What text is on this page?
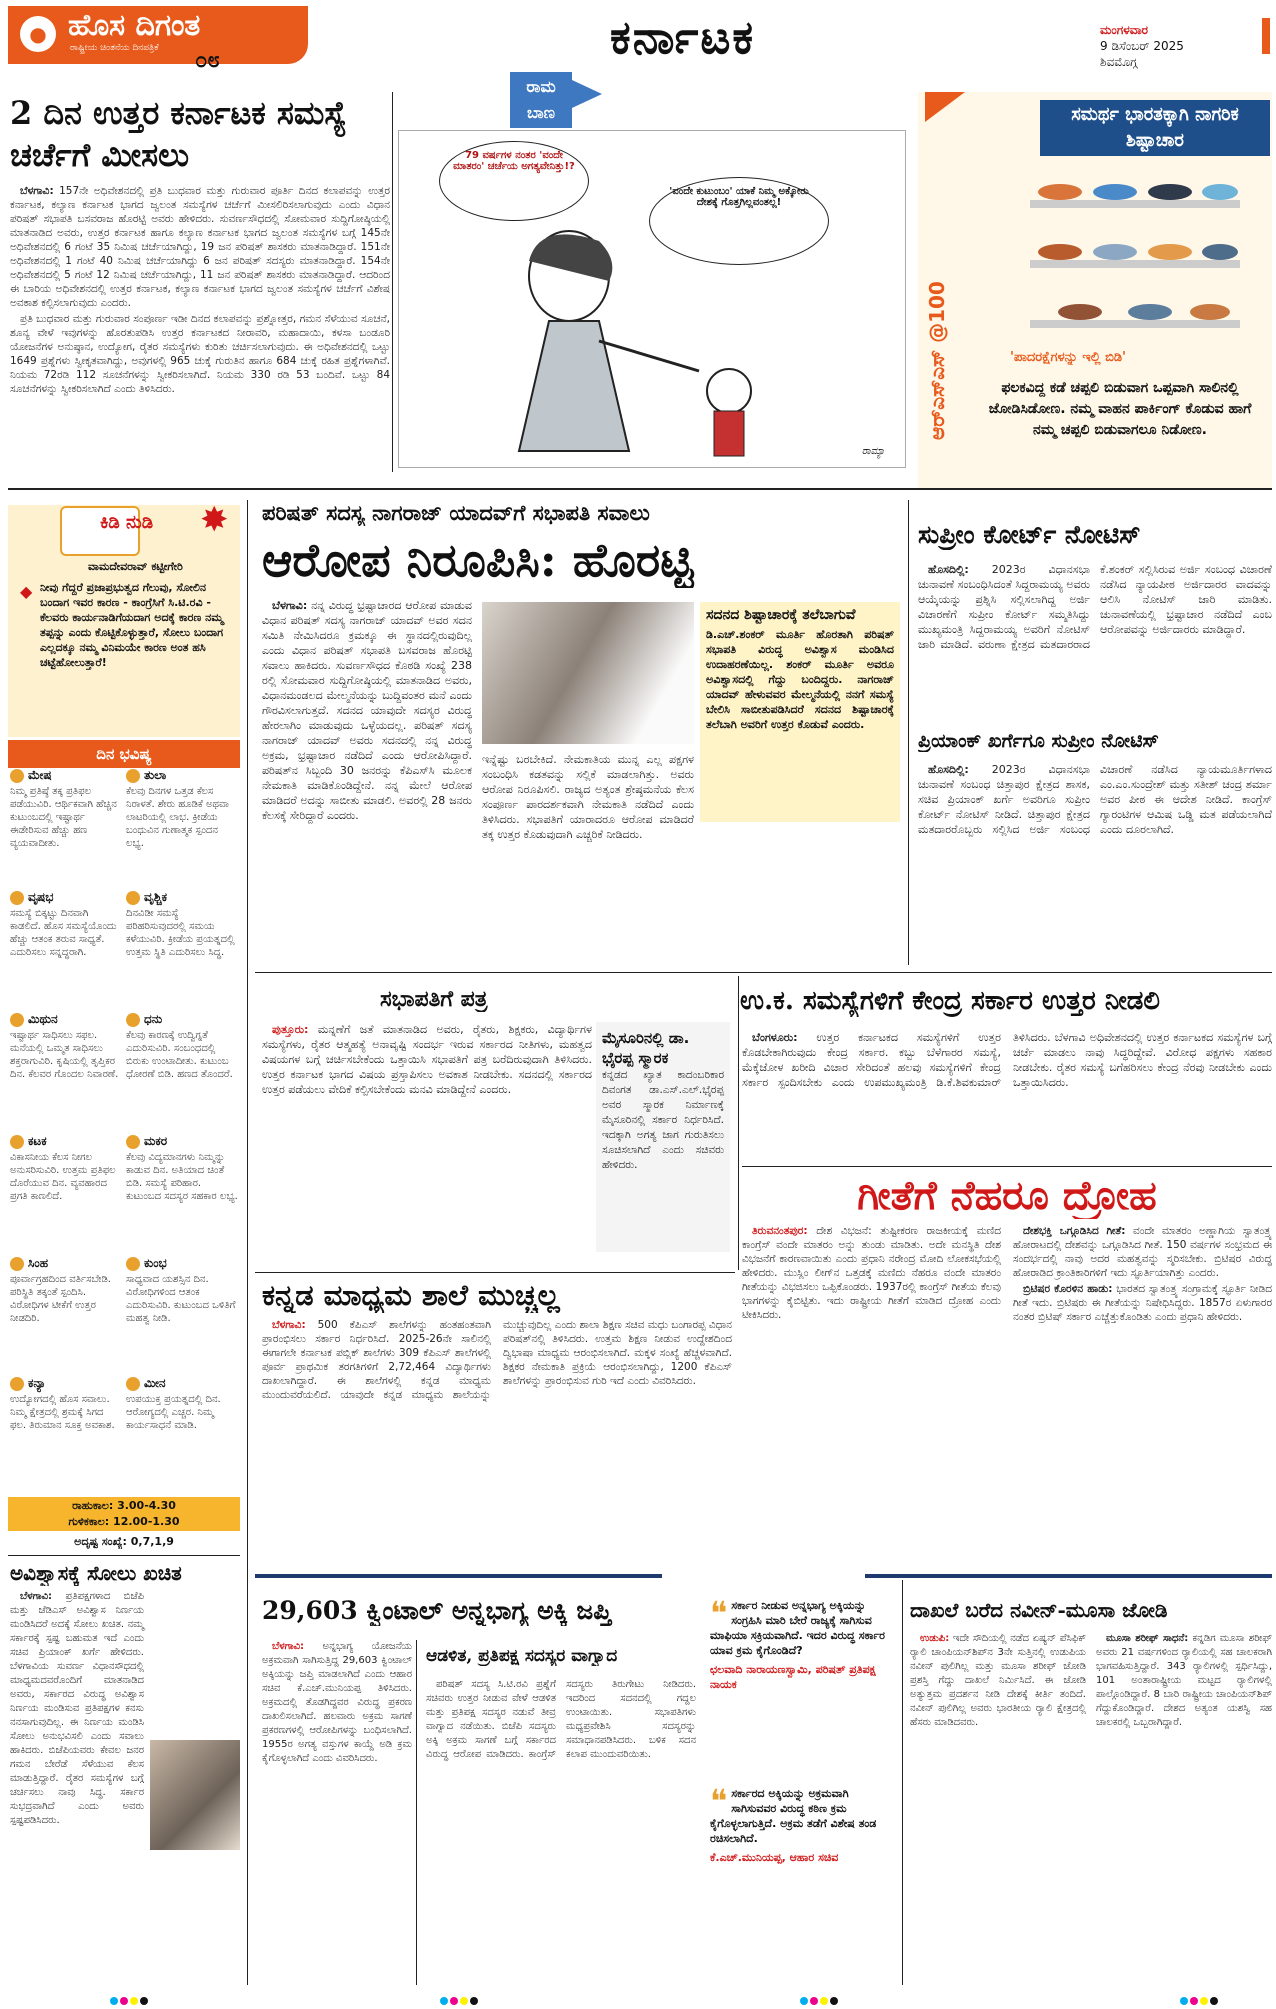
● ಹೊಸ ದಿಗಂತ
ರಾಷ್ಟ್ರೀಯ ಚಿಂತನೆಯ ದಿನಪತ್ರಿಕೆ ೦೮	ಕರ್ನಾಟಕ	ಮಂಗಳವಾರ
9 ಡಿಸೆಂಬರ್ 2025
ಶಿವಮೊಗ್ಗ
2 ದಿನ ಉತ್ತರ ಕರ್ನಾಟಕ ಸಮಸ್ಯೆ ಚರ್ಚೆಗೆ ಮೀಸಲು

ಬೆಳಗಾವಿ: 157ನೇ ಅಧಿವೇಶನದಲ್ಲಿ ಪ್ರತಿ ಬುಧವಾರ ಮತ್ತು ಗುರುವಾರ ಪೂರ್ತಿ ದಿನದ ಕಲಾಪವನ್ನು ಉತ್ತರ ಕರ್ನಾಟಕ, ಕಲ್ಯಾಣ ಕರ್ನಾಟಕ ಭಾಗದ ಜ್ವಲಂತ ಸಮಸ್ಯೆಗಳ ಚರ್ಚೆಗೆ ಮೀಸಲಿರಿಸಲಾಗುವುದು ಎಂದು ವಿಧಾನ ಪರಿಷತ್ ಸಭಾಪತಿ ಬಸವರಾಜ ಹೊರಟ್ಟಿ ಅವರು ಹೇಳಿದರು. ಸುವರ್ಣಸೌಧದಲ್ಲಿ ಸೋಮವಾರ ಸುದ್ದಿಗೋಷ್ಠಿಯಲ್ಲಿ ಮಾತನಾಡಿದ ಅವರು, ಉತ್ತರ ಕರ್ನಾಟಕ ಹಾಗೂ ಕಲ್ಯಾಣ ಕರ್ನಾಟಕ ಭಾಗದ ಜ್ವಲಂತ ಸಮಸ್ಯೆಗಳ ಬಗ್ಗೆ 145ನೇ ಅಧಿವೇಶನದಲ್ಲಿ 6 ಗಂಟೆ 35 ನಿಮಿಷ ಚರ್ಚೆಯಾಗಿದ್ದು, 19 ಜನ ಪರಿಷತ್ ಶಾಸಕರು ಮಾತನಾಡಿದ್ದಾರೆ. 151ನೇ ಅಧಿವೇಶನದಲ್ಲಿ 1 ಗಂಟೆ 40 ನಿಮಿಷ ಚರ್ಚೆಯಾಗಿದ್ದು 6 ಜನ ಪರಿಷತ್ ಸದಸ್ಯರು ಮಾತನಾಡಿದ್ದಾರೆ. 154ನೇ ಅಧಿವೇಶನದಲ್ಲಿ 5 ಗಂಟೆ 12 ನಿಮಿಷ ಚರ್ಚೆಯಾಗಿದ್ದು, 11 ಜನ ಪರಿಷತ್ ಶಾಸಕರು ಮಾತನಾಡಿದ್ದಾರೆ. ಆದರಿಂದ ಈ ಬಾರಿಯ ಅಧಿವೇಶನದಲ್ಲಿ ಉತ್ತರ ಕರ್ನಾಟಕ, ಕಲ್ಯಾಣ ಕರ್ನಾಟಕ ಭಾಗದ ಜ್ವಲಂತ ಸಮಸ್ಯೆಗಳ ಚರ್ಚೆಗೆ ವಿಶೇಷ ಅವಕಾಶ ಕಲ್ಪಿಸಲಾಗುವುದು ಎಂದರು.

ಪ್ರತಿ ಬುಧವಾರ ಮತ್ತು ಗುರುವಾರ ಸಂಪೂರ್ಣ ಇಡೀ ದಿನದ ಕಲಾಪವನ್ನು ಪ್ರಶ್ನೋತ್ತರ, ಗಮನ ಸೆಳೆಯುವ ಸೂಚನೆ, ಶೂನ್ಯ ವೇಳೆ ಇವುಗಳನ್ನು ಹೊರತುಪಡಿಸಿ ಉತ್ತರ ಕರ್ನಾಟಕದ ನೀರಾವರಿ, ಮಹಾದಾಯಿ, ಕಳಸಾ ಬಂಡೂರಿ ಯೋಜನೆಗಳ ಅನುಷ್ಠಾನ, ಉದ್ಯೋಗ, ರೈತರ ಸಮಸ್ಯೆಗಳು ಕುರಿತು ಚರ್ಚಿಸಲಾಗುವುದು. ಈ ಅಧಿವೇಶನದಲ್ಲಿ ಒಟ್ಟು 1649 ಪ್ರಶ್ನೆಗಳು ಸ್ವೀಕೃತವಾಗಿದ್ದು, ಅವುಗಳಲ್ಲಿ 965 ಚುಕ್ಕೆ ಗುರುತಿನ ಹಾಗೂ 684 ಚುಕ್ಕೆ ರಹಿತ ಪ್ರಶ್ನೆಗಳಾಗಿವೆ. ನಿಯಮ 72ರಡಿ 112 ಸೂಚನೆಗಳನ್ನು ಸ್ವೀಕರಿಸಲಾಗಿದೆ. ನಿಯಮ 330 ರಡಿ 53 ಬಂದಿವೆ. ಒಟ್ಟು 84 ಸೂಚನೆಗಳನ್ನು ಸ್ವೀಕರಿಸಲಾಗಿದೆ ಎಂದು ತಿಳಿಸಿದರು.

ರಾಮ ಬಾಣ
79 ವರ್ಷಗಳ ನಂತರ 'ವಂದೇ ಮಾತರಂ' ಚರ್ಚೆಯ ಅಗತ್ಯವೇನಿತ್ತು!?
'ವಂದೇ ಕುಟುಂಬಂ' ಯಾಕೆ ನಿಮ್ಮ ಅಕ್ಕೋರು ದೇಶಕ್ಕೆ ಗೊತ್ತಗಿಲ್ಲವಂತಲ್ಲ!
ರಾಮ್ಯಾ
ಸಮರ್ಥ ಭಾರತಕ್ಕಾಗಿ ನಾಗರಿಕ ಶಿಷ್ಟಾಚಾರ
ಆರ್‌ಎಸ್‌ಎಸ್ @100	'ಪಾದರಕ್ಷೆಗಳನ್ನು ಇಲ್ಲಿ ಬಿಡಿ'
ಫಲಕವಿದ್ದ ಕಡೆ ಚಪ್ಪಲಿ ಬಿಡುವಾಗ ಒಪ್ಪವಾಗಿ ಸಾಲಿನಲ್ಲಿ ಜೋಡಿಸಿಡೋಣ. ನಮ್ಮ ವಾಹನ ಪಾರ್ಕಿಂಗ್ ಕೊಡುವ ಹಾಗೆ ನಮ್ಮ ಚಪ್ಪಲಿ ಬಿಡುವಾಗಲೂ ನಿಡೋಣ.
ಕಿಡಿ ನುಡಿ ✸
ವಾಮದೇವರಾವ್ ಕಟ್ಟೀಗೇರಿ
◆ ನೀವು ಗೆದ್ದರೆ ಪ್ರಜಾಪ್ರಭುತ್ವದ ಗೆಲುವು, ಸೋಲಿನ ಬಂದಾಗ ಇವರ ಕಾರಣ - ಕಾಂಗ್ರೆಸಿಗೆ ಸಿ.ಟಿ.ರವಿ - ಕೆಲವರು ಕಾರ್ಯನಾಡಿಗೆಯದಾಗ ಅದಕ್ಕೆ ಕಾರಣ ನಮ್ಮ ತಪ್ಪನ್ನು ಎಂದು ಕೊಟ್ಟಿಕೊಳ್ಳುತ್ತಾರೆ, ಸೋಲು ಬಂದಾಗ ಎಲ್ಲದಕ್ಕೂ ನಮ್ಮ ವಿನಿಮಯೇ ಕಾರಣ ಅಂತ ಹಸಿ ಚಟ್ಟೆಹೋಲುತ್ತಾರೆ!
ದಿನ ಭವಿಷ್ಯ
ಮೇಷ
ನಿಮ್ಮ ಪ್ರತಿಷ್ಠೆ ತಕ್ಕ ಪ್ರತಿಫಲ ಪಡೆಯುವಿರಿ. ಆರ್ಥಿಕವಾಗಿ ಹೆಚ್ಚಿನ ಕುಟುಂಬದಲ್ಲಿ ಇಷ್ಟಾರ್ಥ ಈಡೇರಿಸುವ ಹೆಚ್ಚು ಹಣ ವ್ಯಯವಾದೀತು.
ತುಲಾ
ಕೆಲವು ದಿನಗಳ ಒತ್ತಡ ಕೆಲಸ ನಿರಾಳತೆ. ಶೇರು ಹೂಡಿಕೆ ಅಥವಾ ಲಾಟರಿಯಲ್ಲಿ ಲಾಭ. ಕ್ರೀಡೆಯ ಬಂಧುವಿನ ಗುಣಾತ್ಮಕ ಸ್ಪಂದನ ಲಭ್ಯ.
ವೃಷಭ
ಸಮಸ್ಯೆ ಬಿಕ್ಕಟ್ಟು ದಿನವಾಗಿ ಕಾಡಲಿದೆ. ಹೊಸ ಸಮಸ್ಯೆಯೊಂದು ಹೆಚ್ಚು ಆತಂಕ ತರುವ ಸಾಧ್ಯತೆ. ಎದುರಿಸಲು ಸನ್ನದ್ಧರಾಗಿ.
ವೃಶ್ಚಿಕ
ದಿನವಿಡೀ ಸಮಸ್ಯೆ ಪರಿಹರಿಸುವುದರಲ್ಲಿ ಸಮಯ ಕಳೆಯುವಿರಿ. ಕ್ರೀಡೆಯ ಪ್ರಯತ್ನದಲ್ಲಿ ಉತ್ತಮ ಸ್ಥಿತಿ ಎದುರಿಸಲು ಸಿದ್ಧ.
ಮಿಥುನ
ಇಷ್ಟಾರ್ಥ ಸಾಧಿಸಲು ಸಫಲ. ಮನೆಯಲ್ಲಿ ಒಮ್ಮತ ಸಾಧಿಸಲು ಶಕ್ತರಾಗುವಿರಿ. ಕೃಷಿಯಲ್ಲಿ ತೃಪ್ತಿಕರ ದಿನ. ಕೆಲವರ ಗೊಂದಲ ನಿವಾರಣೆ.
ಧನು
ಕೆಲವು ಕಾರಣಕ್ಕೆ ಉದ್ವಿಗ್ನತೆ ಎದುರಿಸುವಿರಿ. ಸಂಬಂಧದಲ್ಲಿ ಬಿರುಕು ಉಂಟಾದೀತು. ಕುಟುಂಬ ಧೋರಣೆ ಬಿಡಿ. ಹಣದ ತೊಂದರೆ.
ಕಟಕ
ವಿಕಾಸನೀಯ ಕೆಲಸ ನೀಗಲ ಅನುಸರಿಸುವಿರಿ. ಉತ್ತಮ ಪ್ರತಿಫಲ ದೊರೆಯುವ ದಿನ. ವ್ಯವಹಾರದ ಪ್ರಗತಿ ಕಾಣಲಿದೆ.
ಮಕರ
ಕೆಲವು ವಿದ್ಯಮಾನಗಳು ನಿಮ್ಮನ್ನು ಕಾಡುವ ದಿನ. ಅತಿಯಾದ ಚಿಂತೆ ಬಿಡಿ. ಸಮಸ್ಯೆ ಪರಿಹಾರ. ಕುಟುಂಬದ ಸದಸ್ಯರ ಸಹಕಾರ ಲಭ್ಯ.
ಸಿಂಹ
ಪೂರ್ವಾಗ್ರಹದಿಂದ ವರ್ತಿಸಬೇಡಿ. ಪರಿಸ್ಥಿತಿ ತಕ್ಕಂತೆ ಸ್ಪಂದಿಸಿ. ವಿರೋಧಿಗಳ ಟೀಕೆಗೆ ಉತ್ತರ ನೀಡದಿರಿ.
ಕುಂಭ
ಸಾಧ್ಯವಾದ ಯಶಸ್ಸಿನ ದಿನ. ವಿರೋಧಿಗಳಿಂದ ಆತಂಕ ಎದುರಿಸುವಿರಿ. ಕುಟುಂಬದ ಒಳಿತಿಗೆ ಮಹತ್ವ ನೀಡಿ.
ಕನ್ಯಾ
ಉದ್ಯೋಗದಲ್ಲಿ ಹೊಸ ಸವಾಲು. ನಿಮ್ಮ ಕ್ಷೇತ್ರದಲ್ಲಿ ಶ್ರಮಕ್ಕೆ ಸಿಗದ ಫಲ. ತಿರುಮಾನ ಸೂಕ್ತ ಅವಕಾಶ.
ಮೀನ
ಉಪಯುಕ್ತ ಪ್ರಯತ್ನದಲ್ಲಿ ದಿನ. ಆರೋಗ್ಯದಲ್ಲಿ ಎಚ್ಚರ. ನಿಮ್ಮ ಕಾರ್ಯಸಾಧನೆ ಮಾಡಿ.
ರಾಹುಕಾಲ: 3.00-4.30
ಗುಳಿಕಕಾಲ: 12.00-1.30
ಅದೃಷ್ಟ ಸಂಖ್ಯೆ: 0,7,1,9
ಅವಿಶ್ವಾಸಕ್ಕೆ ಸೋಲು ಖಚಿತ

ಬೆಳಗಾವಿ: ಪ್ರತಿಪಕ್ಷಗಳಾದ ಬಿಜೆಪಿ ಮತ್ತು ಜೆಡಿಎಸ್ ಅವಿಶ್ವಾಸ ನಿರ್ಣಯ ಮಂಡಿಸಿದರೆ ಅದಕ್ಕೆ ಸೋಲು ಖಚಿತ. ನಮ್ಮ ಸರ್ಕಾರಕ್ಕೆ ಸ್ಪಷ್ಟ ಬಹುಮತ ಇದೆ ಎಂದು ಸಚಿವ ಪ್ರಿಯಾಂಕ್ ಖರ್ಗೆ ಹೇಳಿದರು. ಬೆಳಗಾವಿಯ ಸುವರ್ಣ ವಿಧಾನಸೌಧದಲ್ಲಿ ಮಾಧ್ಯಮದವರೊಂದಿಗೆ ಮಾತನಾಡಿದ ಅವರು, ಸರ್ಕಾರದ ವಿರುದ್ಧ ಅವಿಶ್ವಾಸ ನಿರ್ಣಯ ಮಂಡಿಸುವ ಪ್ರತಿಪಕ್ಷಗಳ ಕನಸು ನನಸಾಗುವುದಿಲ್ಲ. ಈ ನಿರ್ಣಯ ಮಂಡಿಸಿ ಸೋಲು ಅನುಭವಿಸಲಿ ಎಂದು ಸವಾಲು ಹಾಕಿದರು. ಬಿಜೆಪಿಯವರು ಕೇವಲ ಜನರ ಗಮನ ಬೇರೆಡೆ ಸೆಳೆಯುವ ಕೆಲಸ ಮಾಡುತ್ತಿದ್ದಾರೆ. ರೈತರ ಸಮಸ್ಯೆಗಳ ಬಗ್ಗೆ ಚರ್ಚಿಸಲು ನಾವು ಸಿದ್ಧ. ಸರ್ಕಾರ ಸುಭದ್ರವಾಗಿದೆ ಎಂದು ಅವರು ಸ್ಪಷ್ಟಪಡಿಸಿದರು.

ಪರಿಷತ್ ಸದಸ್ಯ ನಾಗರಾಜ್ ಯಾದವ್‌ಗೆ ಸಭಾಪತಿ ಸವಾಲು
ಆರೋಪ ನಿರೂಪಿಸಿ: ಹೊರಟ್ಟಿ

ಬೆಳಗಾವಿ: ನನ್ನ ವಿರುದ್ಧ ಭ್ರಷ್ಟಾಚಾರದ ಆರೋಪ ಮಾಡುವ ವಿಧಾನ ಪರಿಷತ್ ಸದಸ್ಯ ನಾಗರಾಜ್ ಯಾದವ್ ಅವರ ಸದನ ಸಮಿತಿ ನೇಮಿಸಿದರೂ ಕ್ರಮಕ್ಕೂ ಈ ಸ್ಥಾನದಲ್ಲಿರುವುದಿಲ್ಲ ಎಂದು ವಿಧಾನ ಪರಿಷತ್ ಸಭಾಪತಿ ಬಸವರಾಜ ಹೊರಟ್ಟಿ ಸವಾಲು ಹಾಕಿದರು. ಸುವರ್ಣಸೌಧದ ಕೊಠಡಿ ಸಂಖ್ಯೆ 238 ರಲ್ಲಿ ಸೋಮವಾರ ಸುದ್ದಿಗೋಷ್ಠಿಯಲ್ಲಿ ಮಾತನಾಡಿದ ಅವರು, ವಿಧಾನಮಂಡಲದ ಮೇಲ್ಮನೆಯನ್ನು ಬುದ್ದಿವಂತರ ಮನೆ ಎಂದು ಗೌರವಿಸಲಾಗುತ್ತದೆ. ಸದನದ ಯಾವುದೇ ಸದಸ್ಯರ ವಿರುದ್ಧ ಹೇರಲಾಗಿಂ ಮಾಡುವುದು ಒಳ್ಳೆಯದಲ್ಲ. ಪರಿಷತ್ ಸದಸ್ಯ ನಾಗರಾಜ್ ಯಾದವ್ ಅವರು ಸದನದಲ್ಲಿ ನನ್ನ ವಿರುದ್ಧ ಅಕ್ರಮ, ಭ್ರಷ್ಟಾಚಾರ ನಡೆದಿದೆ ಎಂದು ಆರೋಪಿಸಿದ್ದಾರೆ. ಪರಿಷತ್‌ನ ಸಿಬ್ಬಂದಿ 30 ಜನರನ್ನು ಕೆಪಿಎಸ್‌ಸಿ ಮೂಲಕ ನೇಮಕಾತಿ ಮಾಡಿಕೊಂಡಿದ್ದೇನೆ. ನನ್ನ ಮೇಲೆ ಆರೋಪ ಮಾಡಿದರೆ ಅದನ್ನು ಸಾಬೀತು ಮಾಡಲಿ. ಅವರಲ್ಲಿ 28 ಜನರು ಕೆಲಸಕ್ಕೆ ಸೇರಿದ್ದಾರೆ ಎಂದರು.

ಇನ್ನೆಷ್ಟು ಬರಬೇಕಿದೆ. ನೇಮಕಾತಿಯ ಮುನ್ನ ಎಲ್ಲ ಪಕ್ಷಗಳ ಸಂಬಂಧಿಸಿ ಕಡತವನ್ನು ಸಲ್ಲಿಕೆ ಮಾಡಲಾಗಿತ್ತು. ಅವರು ಆರೋಪ ನಿರೂಪಿಸಲಿ. ರಾಜ್ಯದ ಅತ್ಯಂತ ಶ್ರೇಷ್ಠಮನೆಯ ಕೆಲಸ ಸಂಪೂರ್ಣ ಪಾರದರ್ಶಕವಾಗಿ ನೇಮಕಾತಿ ನಡೆದಿದೆ ಎಂದು ತಿಳಿಸಿದರು. ಸಭಾಪತಿಗೆ ಯಾರಾದರೂ ಆರೋಪ ಮಾಡಿದರೆ ತಕ್ಕ ಉತ್ತರ ಕೊಡುವುದಾಗಿ ಎಚ್ಚರಿಕೆ ನೀಡಿದರು.
ಸದನದ ಶಿಷ್ಟಾಚಾರಕ್ಕೆ ತಲೆಬಾಗುವೆ
ಡಿ.ಎಚ್.ಶಂಕರ್ ಮೂರ್ತಿ ಹೊರತಾಗಿ ಪರಿಷತ್ ಸಭಾಪತಿ ವಿರುದ್ಧ ಅವಿಶ್ವಾಸ ಮಂಡಿಸಿದ ಉದಾಹರಣೆಯಿಲ್ಲ. ಶಂಕರ್ ಮೂರ್ತಿ ಅವರೂ ಅವಿಶ್ವಾಸದಲ್ಲಿ ಗೆದ್ದು ಬಂದಿದ್ದರು. ನಾಗರಾಜ್ ಯಾದವ್ ಹೇಳುವವರ ಮೇಲ್ಮನೆಯಲ್ಲಿ ನನಗೆ ಸಮಸ್ಯೆ ಬೇಲಿಸಿ ಸಾಬೀತುಪಡಿಸಿದರೆ ಸದನದ ಶಿಷ್ಟಾಚಾರಕ್ಕೆ ತಲೆಬಾಗಿ ಅವರಿಗೆ ಉತ್ತರ ಕೊಡುವೆ ಎಂದರು.
ಸುಪ್ರೀಂ ಕೋರ್ಟ್ ನೋಟಿಸ್

ಹೊಸದಿಲ್ಲಿ: 2023ರ ವಿಧಾನಸಭಾ ಚುನಾವಣೆ ಸಂಬಂಧಿಸಿದಂತೆ ಸಿದ್ದರಾಮಯ್ಯ ಅವರು ಆಯ್ಕೆಯನ್ನು ಪ್ರಶ್ನಿಸಿ ಸಲ್ಲಿಸಲಾಗಿದ್ದ ಅರ್ಜಿ ವಿಚಾರಣೆಗೆ ಸುಪ್ರೀಂ ಕೋರ್ಟ್ ಸಮ್ಮತಿಸಿದ್ದು ಮುಖ್ಯಮಂತ್ರಿ ಸಿದ್ದರಾಮಯ್ಯ ಅವರಿಗೆ ನೋಟಿಸ್ ಜಾರಿ ಮಾಡಿದೆ. ವರುಣಾ ಕ್ಷೇತ್ರದ ಮತದಾರರಾದ ಕೆ.ಶಂಕರ್ ಸಲ್ಲಿಸಿರುವ ಅರ್ಜಿ ಸಂಬಂಧ ವಿಚಾರಣೆ ನಡೆಸಿದ ನ್ಯಾಯಪೀಠ ಅರ್ಜಿದಾರರ ವಾದವನ್ನು ಆಲಿಸಿ ನೋಟಿಸ್ ಜಾರಿ ಮಾಡಿತು. ಚುನಾವಣೆಯಲ್ಲಿ ಭ್ರಷ್ಟಾಚಾರ ನಡೆದಿದೆ ಎಂಬ ಆರೋಪವನ್ನು ಅರ್ಜಿದಾರರು ಮಾಡಿದ್ದಾರೆ.

ಪ್ರಿಯಾಂಕ್ ಖರ್ಗೆಗೂ ಸುಪ್ರೀಂ ನೋಟಿಸ್

ಹೊಸದಿಲ್ಲಿ: 2023ರ ವಿಧಾನಸಭಾ ಚುನಾವಣೆ ಸಂಬಂಧ ಚಿತ್ತಾಪುರ ಕ್ಷೇತ್ರದ ಶಾಸಕ, ಸಚಿವ ಪ್ರಿಯಾಂಕ್ ಖರ್ಗೆ ಅವರಿಗೂ ಸುಪ್ರೀಂ ಕೋರ್ಟ್ ನೋಟಿಸ್ ನೀಡಿದೆ. ಚಿತ್ತಾಪುರ ಕ್ಷೇತ್ರದ ಮತದಾರರೊಬ್ಬರು ಸಲ್ಲಿಸಿದ ಅರ್ಜಿ ಸಂಬಂಧ ವಿಚಾರಣೆ ನಡೆಸಿದ ನ್ಯಾಯಮೂರ್ತಿಗಳಾದ ಎಂ.ಎಂ.ಸುಂದ್ರೇಶ್ ಮತ್ತು ಸತೀಶ್ ಚಂದ್ರ ಶರ್ಮಾ ಅವರ ಪೀಠ ಈ ಆದೇಶ ನೀಡಿದೆ. ಕಾಂಗ್ರೆಸ್ ಗ್ಯಾರಂಟಿಗಳ ಆಮಿಷ ಒಡ್ಡಿ ಮತ ಪಡೆಯಲಾಗಿದೆ ಎಂದು ದೂರಲಾಗಿದೆ.

ಸಭಾಪತಿಗೆ ಪತ್ರ

ಪುತ್ತೂರು: ಮನ್ನಣೆಗೆ ಜತೆ ಮಾತನಾಡಿದ ಅವರು, ರೈತರು, ಶಿಕ್ಷಕರು, ವಿದ್ಯಾರ್ಥಿಗಳ ಸಮಸ್ಯೆಗಳು, ರೈತರ ಆತ್ಮಹತ್ಯೆ ಅನಾವೃಷ್ಟಿ ಸಂದರ್ಭ ಇರುವ ಸರ್ಕಾರದ ನೀತಿಗಳು, ಮಹತ್ವದ ವಿಷಯಗಳ ಬಗ್ಗೆ ಚರ್ಚಿಸಬೇಕೆಂದು ಒತ್ತಾಯಿಸಿ ಸಭಾಪತಿಗೆ ಪತ್ರ ಬರೆದಿರುವುದಾಗಿ ತಿಳಿಸಿದರು. ಉತ್ತರ ಕರ್ನಾಟಕ ಭಾಗದ ವಿಷಯ ಪ್ರಸ್ತಾಪಿಸಲು ಅವಕಾಶ ನೀಡಬೇಕು. ಸದನದಲ್ಲಿ ಸರ್ಕಾರದ ಉತ್ತರ ಪಡೆಯಲು ವೇದಿಕೆ ಕಲ್ಪಿಸಬೇಕೆಂದು ಮನವಿ ಮಾಡಿದ್ದೇನೆ ಎಂದರು.

ಮೈಸೂರಿನಲ್ಲಿ ಡಾ. ಭೈರಪ್ಪ ಸ್ಮಾರಕ
ಕನ್ನಡದ ಖ್ಯಾತ ಕಾದಂಬರಿಕಾರ ದಿವಂಗತ ಡಾ.ಎಸ್.ಎಲ್.ಭೈರಪ್ಪ ಅವರ ಸ್ಮಾರಕ ನಿರ್ಮಾಣಕ್ಕೆ ಮೈಸೂರಿನಲ್ಲಿ ಸರ್ಕಾರ ನಿರ್ಧರಿಸಿದೆ. ಇದಕ್ಕಾಗಿ ಅಗತ್ಯ ಜಾಗ ಗುರುತಿಸಲು ಸೂಚಿಸಲಾಗಿದೆ ಎಂದು ಸಚಿವರು ಹೇಳಿದರು.
ಉ.ಕ. ಸಮಸ್ಯೆಗಳಿಗೆ ಕೇಂದ್ರ ಸರ್ಕಾರ ಉತ್ತರ ನೀಡಲಿ

ಬೆಂಗಳೂರು: ಉತ್ತರ ಕರ್ನಾಟಕದ ಸಮಸ್ಯೆಗಳಿಗೆ ಉತ್ತರ ಕೊಡಬೇಕಾಗಿರುವುದು ಕೇಂದ್ರ ಸರ್ಕಾರ. ಕಬ್ಬು ಬೆಳೆಗಾರರ ಸಮಸ್ಯೆ, ಮೆಕ್ಕೆಜೋಳ ಖರೀದಿ ವಿಚಾರ ಸೇರಿದಂತೆ ಹಲವು ಸಮಸ್ಯೆಗಳಿಗೆ ಕೇಂದ್ರ ಸರ್ಕಾರ ಸ್ಪಂದಿಸಬೇಕು ಎಂದು ಉಪಮುಖ್ಯಮಂತ್ರಿ ಡಿ.ಕೆ.ಶಿವಕುಮಾರ್ ತಿಳಿಸಿದರು. ಬೆಳಗಾವಿ ಅಧಿವೇಶನದಲ್ಲಿ ಉತ್ತರ ಕರ್ನಾಟಕದ ಸಮಸ್ಯೆಗಳ ಬಗ್ಗೆ ಚರ್ಚೆ ಮಾಡಲು ನಾವು ಸಿದ್ಧರಿದ್ದೇವೆ. ವಿರೋಧ ಪಕ್ಷಗಳು ಸಹಕಾರ ನೀಡಬೇಕು. ರೈತರ ಸಮಸ್ಯೆ ಬಗೆಹರಿಸಲು ಕೇಂದ್ರ ನೆರವು ನೀಡಬೇಕು ಎಂದು ಒತ್ತಾಯಿಸಿದರು.

ಗೀತೆಗೆ ನೆಹರೂ ದ್ರೋಹ

ತಿರುವನಂತಪುರ: ದೇಶ ವಿಭಜನೆ: ತುಷ್ಟೀಕರಣ ರಾಜಕೀಯಕ್ಕೆ ಮಣಿದ ಕಾಂಗ್ರೆಸ್ ವಂದೇ ಮಾತರಂ ಅನ್ನು ತುಂಡು ಮಾಡಿತು. ಅದೇ ಮನಸ್ಥಿತಿ ದೇಶ ವಿಭಜನೆಗೆ ಕಾರಣವಾಯಿತು ಎಂದು ಪ್ರಧಾನಿ ನರೇಂದ್ರ ಮೋದಿ ಲೋಕಸಭೆಯಲ್ಲಿ ಹೇಳಿದರು. ಮುಸ್ಲಿಂ ಲೀಗ್‌ನ ಒತ್ತಡಕ್ಕೆ ಮಣಿದು ನೆಹರೂ ವಂದೇ ಮಾತರಂ ಗೀತೆಯನ್ನು ವಿಭಜಿಸಲು ಒಪ್ಪಿಕೊಂಡರು. 1937ರಲ್ಲಿ ಕಾಂಗ್ರೆಸ್ ಗೀತೆಯ ಕೆಲವು ಭಾಗಗಳನ್ನು ಕೈಬಿಟ್ಟಿತು. ಇದು ರಾಷ್ಟ್ರೀಯ ಗೀತೆಗೆ ಮಾಡಿದ ದ್ರೋಹ ಎಂದು ಟೀಕಿಸಿದರು.

ದೇಶಭಕ್ತಿ ಒಗ್ಗೂಡಿಸಿದ ಗೀತೆ: ವಂದೇ ಮಾತರಂ ಅಣ್ಣಾಗಿಯ ಸ್ವಾತಂತ್ರ್ಯ ಹೋರಾಟದಲ್ಲಿ ದೇಶವನ್ನು ಒಗ್ಗೂಡಿಸಿದ ಗೀತೆ. 150 ವರ್ಷಗಳ ಸಂಭ್ರಮದ ಈ ಸಂದರ್ಭದಲ್ಲಿ ನಾವು ಅದರ ಮಹತ್ವವನ್ನು ಸ್ಮರಿಸಬೇಕು. ಬ್ರಿಟಿಷರ ವಿರುದ್ಧ ಹೋರಾಡಿದ ಕ್ರಾಂತಿಕಾರಿಗಳಿಗೆ ಇದು ಸ್ಫೂರ್ತಿಯಾಗಿತ್ತು ಎಂದರು.

ಬ್ರಿಟಿಷರ ಕೊರಳಿನ ಹಾಡು: ಭಾರತದ ಸ್ವಾತಂತ್ರ್ಯ ಸಂಗ್ರಾಮಕ್ಕೆ ಸ್ಫೂರ್ತಿ ನೀಡಿದ ಗೀತೆ ಇದು. ಬ್ರಿಟಿಷರು ಈ ಗೀತೆಯನ್ನು ನಿಷೇಧಿಸಿದ್ದರು. 1857ರ ಏಳುಗಾರರ ನಂತರ ಬ್ರಿಟಿಷ್ ಸರ್ಕಾರ ಎಚ್ಚೆತ್ತುಕೊಂಡಿತು ಎಂದು ಪ್ರಧಾನಿ ಹೇಳಿದರು.

ಕನ್ನಡ ಮಾಧ್ಯಮ ಶಾಲೆ ಮುಚ್ಚಲ್ಲ

ಬೆಳಗಾವಿ: 500 ಕೆಪಿಎಸ್ ಶಾಲೆಗಳನ್ನು ಹಂತಹಂತವಾಗಿ ಪ್ರಾರಂಭಿಸಲು ಸರ್ಕಾರ ನಿರ್ಧರಿಸಿದೆ. 2025-26ನೇ ಸಾಲಿನಲ್ಲಿ ಈಗಾಗಲೇ ಕರ್ನಾಟಕ ಪಬ್ಲಿಕ್ ಶಾಲೆಗಳು 309 ಕೆಪಿಎಸ್ ಶಾಲೆಗಳಲ್ಲಿ ಪೂರ್ವ ಪ್ರಾಥಮಿಕ ತರಗತಿಗಳಿಗೆ 2,72,464 ವಿದ್ಯಾರ್ಥಿಗಳು ದಾಖಲಾಗಿದ್ದಾರೆ. ಈ ಶಾಲೆಗಳಲ್ಲಿ ಕನ್ನಡ ಮಾಧ್ಯಮ ಮುಂದುವರೆಯಲಿದೆ. ಯಾವುದೇ ಕನ್ನಡ ಮಾಧ್ಯಮ ಶಾಲೆಯನ್ನು ಮುಚ್ಚುವುದಿಲ್ಲ ಎಂದು ಶಾಲಾ ಶಿಕ್ಷಣ ಸಚಿವ ಮಧು ಬಂಗಾರಪ್ಪ ವಿಧಾನ ಪರಿಷತ್‌ನಲ್ಲಿ ತಿಳಿಸಿದರು. ಉತ್ತಮ ಶಿಕ್ಷಣ ನೀಡುವ ಉದ್ದೇಶದಿಂದ ದ್ವಿಭಾಷಾ ಮಾಧ್ಯಮ ಆರಂಭಿಸಲಾಗಿದೆ. ಮಕ್ಕಳ ಸಂಖ್ಯೆ ಹೆಚ್ಚಳವಾಗಿದೆ. ಶಿಕ್ಷಕರ ನೇಮಕಾತಿ ಪ್ರಕ್ರಿಯೆ ಆರಂಭಿಸಲಾಗಿದ್ದು, 1200 ಕೆಪಿಎಸ್ ಶಾಲೆಗಳನ್ನು ಪ್ರಾರಂಭಿಸುವ ಗುರಿ ಇದೆ ಎಂದು ವಿವರಿಸಿದರು.

29,603 ಕ್ವಿಂಟಾಲ್ ಅನ್ನಭಾಗ್ಯ ಅಕ್ಕಿ ಜಪ್ತಿ

ಬೆಳಗಾವಿ: ಅನ್ನಭಾಗ್ಯ ಯೋಜನೆಯ ಅಕ್ರಮವಾಗಿ ಸಾಗಿಸುತ್ತಿದ್ದ 29,603 ಕ್ವಿಂಟಾಲ್ ಅಕ್ಕಿಯನ್ನು ಜಪ್ತಿ ಮಾಡಲಾಗಿದೆ ಎಂದು ಆಹಾರ ಸಚಿವ ಕೆ.ಎಚ್.ಮುನಿಯಪ್ಪ ತಿಳಿಸಿದರು. ಅಕ್ರಮದಲ್ಲಿ ತೊಡಗಿದ್ದವರ ವಿರುದ್ಧ ಪ್ರಕರಣ ದಾಖಲಿಸಲಾಗಿದೆ. ಹಲವಾರು ಅಕ್ರಮ ಸಾಗಣೆ ಪ್ರಕರಣಗಳಲ್ಲಿ ಆರೋಪಿಗಳನ್ನು ಬಂಧಿಸಲಾಗಿದೆ. 1955ರ ಅಗತ್ಯ ವಸ್ತುಗಳ ಕಾಯ್ದೆ ಅಡಿ ಕ್ರಮ ಕೈಗೊಳ್ಳಲಾಗಿದೆ ಎಂದು ವಿವರಿಸಿದರು.

ಆಡಳಿತ, ಪ್ರತಿಪಕ್ಷ ಸದಸ್ಯರ ವಾಗ್ವಾದ

ಪರಿಷತ್ ಸದಸ್ಯ ಸಿ.ಟಿ.ರವಿ ಪ್ರಶ್ನೆಗೆ ಸಚಿವರು ಉತ್ತರ ನೀಡುವ ವೇಳೆ ಆಡಳಿತ ಮತ್ತು ಪ್ರತಿಪಕ್ಷ ಸದಸ್ಯರ ನಡುವೆ ತೀವ್ರ ವಾಗ್ವಾದ ನಡೆಯಿತು. ಬಿಜೆಪಿ ಸದಸ್ಯರು ಅಕ್ಕಿ ಅಕ್ರಮ ಸಾಗಣೆ ಬಗ್ಗೆ ಸರ್ಕಾರದ ವಿರುದ್ಧ ಆರೋಪ ಮಾಡಿದರು. ಕಾಂಗ್ರೆಸ್ ಸದಸ್ಯರು ತಿರುಗೇಟು ನೀಡಿದರು. ಇದರಿಂದ ಸದನದಲ್ಲಿ ಗದ್ದಲ ಉಂಟಾಯಿತು. ಸಭಾಪತಿಗಳು ಮಧ್ಯಪ್ರವೇಶಿಸಿ ಸದಸ್ಯರನ್ನು ಸಮಾಧಾನಪಡಿಸಿದರು. ಬಳಿಕ ಸದನ ಕಲಾಪ ಮುಂದುವರಿಯಿತು.

❝ ಸರ್ಕಾರ ನೀಡುವ ಅನ್ನಭಾಗ್ಯ ಅಕ್ಕಿಯನ್ನು ಸಂಗ್ರಹಿಸಿ ಮಾರಿ ಬೇರೆ ರಾಜ್ಯಕ್ಕೆ ಸಾಗಿಸುವ ಮಾಫಿಯಾ ಸಕ್ರಿಯವಾಗಿದೆ. ಇದರ ವಿರುದ್ಧ ಸರ್ಕಾರ ಯಾವ ಕ್ರಮ ಕೈಗೊಂಡಿದೆ?
ಛಲವಾದಿ ನಾರಾಯಣಸ್ವಾಮಿ, ಪರಿಷತ್ ಪ್ರತಿಪಕ್ಷ ನಾಯಕ
❝ ಸರ್ಕಾರದ ಅಕ್ಕಿಯನ್ನು ಅಕ್ರಮವಾಗಿ ಸಾಗಿಸುವವರ ವಿರುದ್ಧ ಕಠಿಣ ಕ್ರಮ ಕೈಗೊಳ್ಳಲಾಗುತ್ತಿದೆ. ಅಕ್ರಮ ತಡೆಗೆ ವಿಶೇಷ ತಂಡ ರಚಿಸಲಾಗಿದೆ.
ಕೆ.ಎಚ್.ಮುನಿಯಪ್ಪ, ಆಹಾರ ಸಚಿವ
ದಾಖಲೆ ಬರೆದ ನವೀನ್-ಮೂಸಾ ಜೋಡಿ

ಉಡುಪಿ: ಇದೇ ಸೌದಿಯಲ್ಲಿ ನಡೆದ ಏಷ್ಯನ್ ಪೆಸಿಫಿಕ್ ರ್‍ಯಾಲಿ ಚಾಂಪಿಯನ್‌ಶಿಪ್‌ನ 3ನೇ ಸುತ್ತಿನಲ್ಲಿ ಉಡುಪಿಯ ನವೀನ್ ಪುಲಿಗಿಲ್ಲ ಮತ್ತು ಮೂಸಾ ಶರೀಫ್ ಜೋಡಿ ಪ್ರಶಸ್ತಿ ಗೆದ್ದು ದಾಖಲೆ ನಿರ್ಮಿಸಿದೆ. ಈ ಜೋಡಿ ಅತ್ಯುತ್ತಮ ಪ್ರದರ್ಶನ ನೀಡಿ ದೇಶಕ್ಕೆ ಕೀರ್ತಿ ತಂದಿದೆ. ನವೀನ್ ಪುಲಿಗಿಲ್ಲ ಅವರು ಭಾರತೀಯ ರ್‍ಯಾಲಿ ಕ್ಷೇತ್ರದಲ್ಲಿ ಹೆಸರು ಮಾಡಿದವರು.

ಮೂಸಾ ಶರೀಫ್ ಸಾಧನೆ: ಕನ್ನಡಿಗ ಮೂಸಾ ಶರೀಫ್ ಅವರು 21 ವರ್ಷಗಳಿಂದ ರ್‍ಯಾಲಿಯಲ್ಲಿ ಸಹ ಚಾಲಕರಾಗಿ ಭಾಗವಹಿಸುತ್ತಿದ್ದಾರೆ. 343 ರ್‍ಯಾಲಿಗಳಲ್ಲಿ ಸ್ಪರ್ಧಿಸಿದ್ದು, 101 ಅಂತಾರಾಷ್ಟ್ರೀಯ ಮಟ್ಟದ ರ್‍ಯಾಲಿಗಳಲ್ಲಿ ಪಾಲ್ಗೊಂಡಿದ್ದಾರೆ. 8 ಬಾರಿ ರಾಷ್ಟ್ರೀಯ ಚಾಂಪಿಯನ್‌ಶಿಪ್ ಗೆದ್ದುಕೊಂಡಿದ್ದಾರೆ. ದೇಶದ ಅತ್ಯಂತ ಯಶಸ್ವಿ ಸಹ ಚಾಲಕರಲ್ಲಿ ಒಬ್ಬರಾಗಿದ್ದಾರೆ.
